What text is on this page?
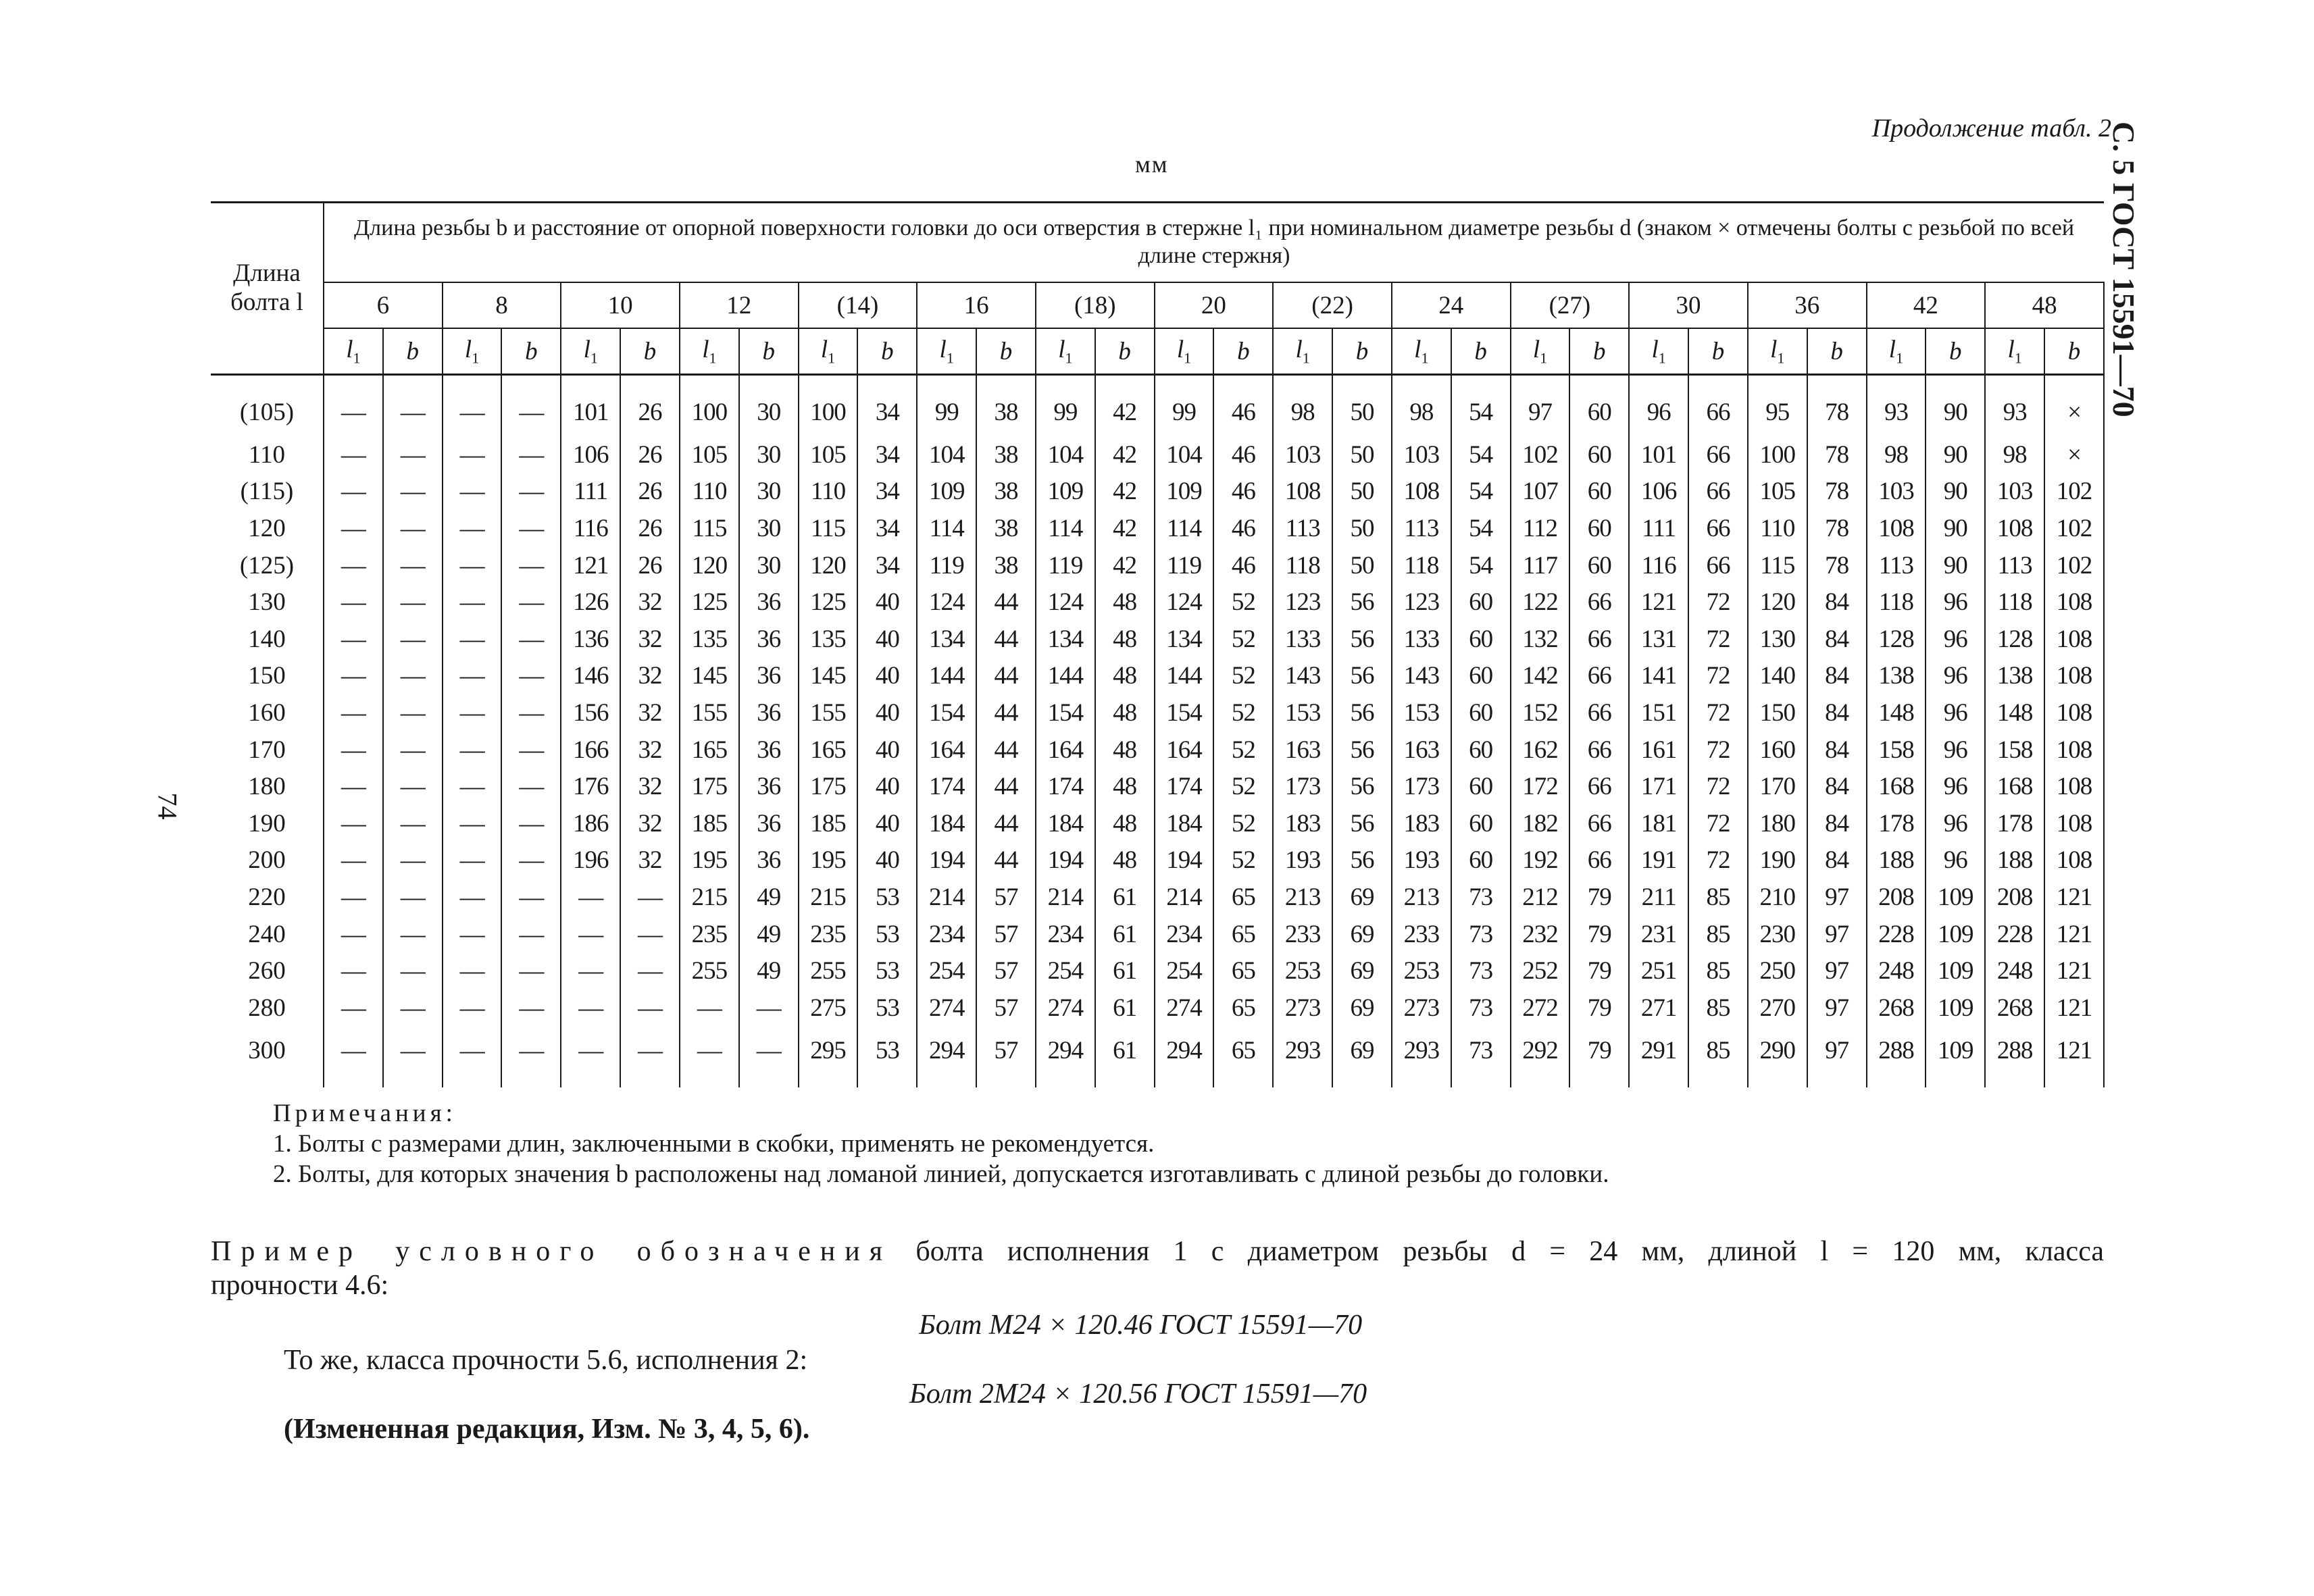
Продолжение табл. 2
С. 5 ГОСТ 15591—70
74
мм
Длина болта l	Длина резьбы b и расстояние от опорной поверхности головки до оси отверстия в стержне l₁ при номинальном диаметре резьбы d (знаком × отмечены болты с резьбой по всей длине стержня)																													
	6		8		10		12		(14)		16		(18)		20		(22)		24		(27)		30		36		42		48	
	$l_1$	b	$l_1$	b	$l_1$	b	$l_1$	b	$l_1$	b	$l_1$	b	$l_1$	b	$l_1$	b	$l_1$	b	$l_1$	b	$l_1$	b	$l_1$	b	$l_1$	b	$l_1$	b	$l_1$	b
(105)	—	—	—	—	101	26	100	30	100	34	99	38	99	42	99	46	98	50	98	54	97	60	96	66	95	78	93	90	93	×
110	—	—	—	—	106	26	105	30	105	34	104	38	104	42	104	46	103	50	103	54	102	60	101	66	100	78	98	90	98	×
(115)	—	—	—	—	111	26	110	30	110	34	109	38	109	42	109	46	108	50	108	54	107	60	106	66	105	78	103	90	103	102
120	—	—	—	—	116	26	115	30	115	34	114	38	114	42	114	46	113	50	113	54	112	60	111	66	110	78	108	90	108	102
(125)	—	—	—	—	121	26	120	30	120	34	119	38	119	42	119	46	118	50	118	54	117	60	116	66	115	78	113	90	113	102
130	—	—	—	—	126	32	125	36	125	40	124	44	124	48	124	52	123	56	123	60	122	66	121	72	120	84	118	96	118	108
140	—	—	—	—	136	32	135	36	135	40	134	44	134	48	134	52	133	56	133	60	132	66	131	72	130	84	128	96	128	108
150	—	—	—	—	146	32	145	36	145	40	144	44	144	48	144	52	143	56	143	60	142	66	141	72	140	84	138	96	138	108
160	—	—	—	—	156	32	155	36	155	40	154	44	154	48	154	52	153	56	153	60	152	66	151	72	150	84	148	96	148	108
170	—	—	—	—	166	32	165	36	165	40	164	44	164	48	164	52	163	56	163	60	162	66	161	72	160	84	158	96	158	108
180	—	—	—	—	176	32	175	36	175	40	174	44	174	48	174	52	173	56	173	60	172	66	171	72	170	84	168	96	168	108
190	—	—	—	—	186	32	185	36	185	40	184	44	184	48	184	52	183	56	183	60	182	66	181	72	180	84	178	96	178	108
200	—	—	—	—	196	32	195	36	195	40	194	44	194	48	194	52	193	56	193	60	192	66	191	72	190	84	188	96	188	108
220	—	—	—	—	—	—	215	49	215	53	214	57	214	61	214	65	213	69	213	73	212	79	211	85	210	97	208	109	208	121
240	—	—	—	—	—	—	235	49	235	53	234	57	234	61	234	65	233	69	233	73	232	79	231	85	230	97	228	109	228	121
260	—	—	—	—	—	—	255	49	255	53	254	57	254	61	254	65	253	69	253	73	252	79	251	85	250	97	248	109	248	121
280	—	—	—	—	—	—	—	—	275	53	274	57	274	61	274	65	273	69	273	73	272	79	271	85	270	97	268	109	268	121
300	—	—	—	—	—	—	—	—	295	53	294	57	294	61	294	65	293	69	293	73	292	79	291	85	290	97	288	109	288	121
Примечания:
1. Болты с размерами длин, заключенными в скобки, применять не рекомендуется.
2. Болты, для которых значения b расположены над ломаной линией, допускается изготавливать с длиной резьбы до головки.
Пример условного обозначения болта исполнения 1 с диаметром резьбы d = 24 мм, длиной l = 120 мм, класса
прочности 4.6:
Болт М24 × 120.46 ГОСТ 15591—70
То же, класса прочности 5.6, исполнения 2:
Болт 2М24 × 120.56 ГОСТ 15591—70
(Измененная редакция, Изм. № 3, 4, 5, 6).
